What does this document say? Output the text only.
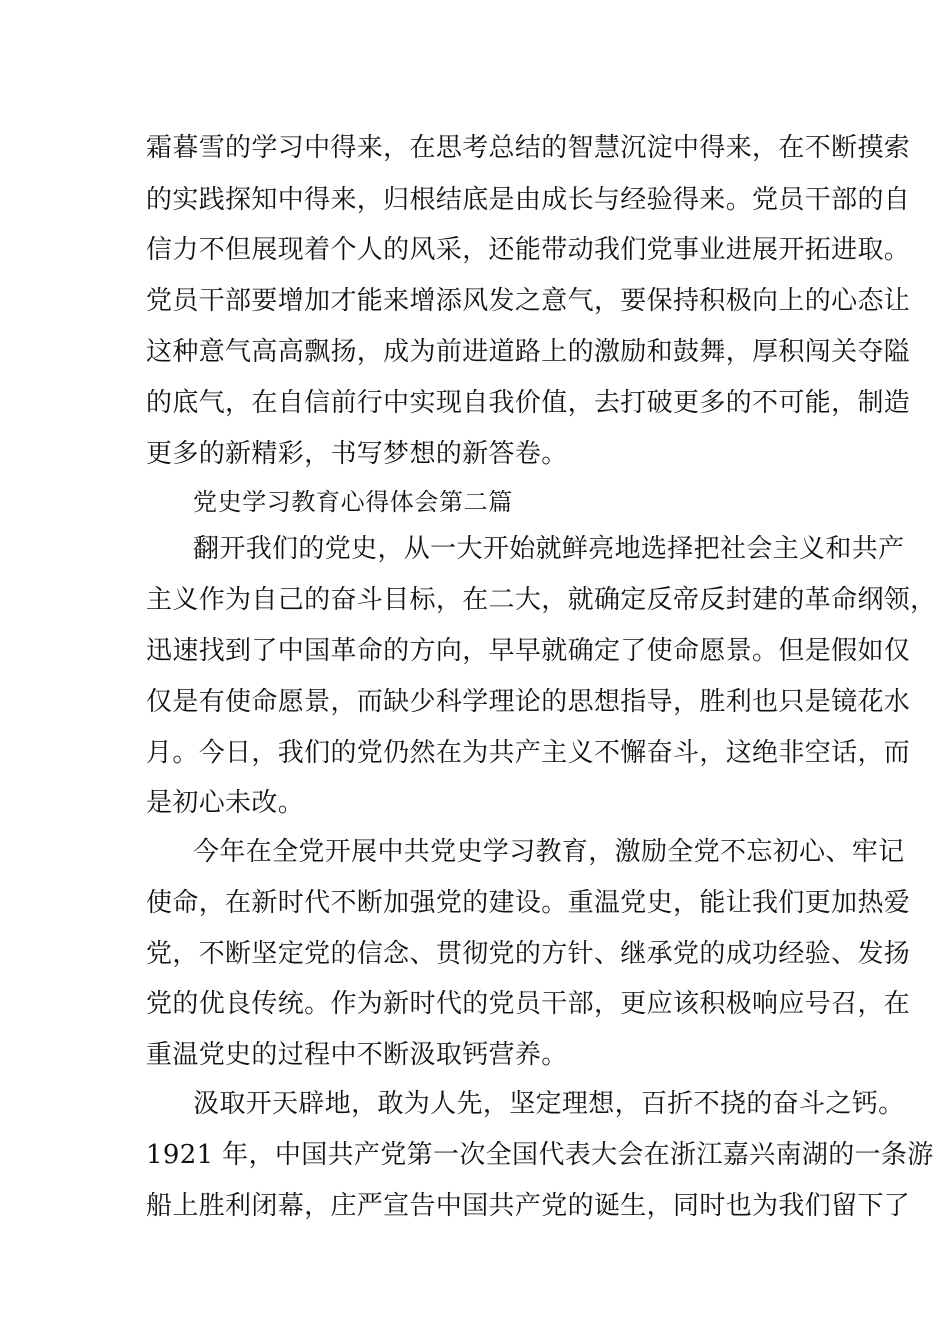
霜暮雪的学习中得来，在思考总结的智慧沉淀中得来，在不断摸索
的实践探知中得来，归根结底是由成长与经验得来。党员干部的自
信力不但展现着个人的风采，还能带动我们党事业进展开拓进取。
党员干部要增加才能来增添风发之意气，要保持积极向上的心态让
这种意气高高飘扬，成为前进道路上的激励和鼓舞，厚积闯关夺隘
的底气，在自信前行中实现自我价值，去打破更多的不可能，制造
更多的新精彩，书写梦想的新答卷。
党史学习教育心得体会第二篇
翻开我们的党史，从一大开始就鲜亮地选择把社会主义和共产
主义作为自己的奋斗目标，在二大，就确定反帝反封建的革命纲领，
迅速找到了中国革命的方向，早早就确定了使命愿景。但是假如仅
仅是有使命愿景，而缺少科学理论的思想指导，胜利也只是镜花水
月。今日，我们的党仍然在为共产主义不懈奋斗，这绝非空话，而
是初心未改。
今年在全党开展中共党史学习教育，激励全党不忘初心、牢记
使命，在新时代不断加强党的建设。重温党史，能让我们更加热爱
党，不断坚定党的信念、贯彻党的方针、继承党的成功经验、发扬
党的优良传统。作为新时代的党员干部，更应该积极响应号召，在
重温党史的过程中不断汲取钙营养。
汲取开天辟地，敢为人先，坚定理想，百折不挠的奋斗之钙。
1921 年，中国共产党第一次全国代表大会在浙江嘉兴南湖的一条游
船上胜利闭幕，庄严宣告中国共产党的诞生，同时也为我们留下了
